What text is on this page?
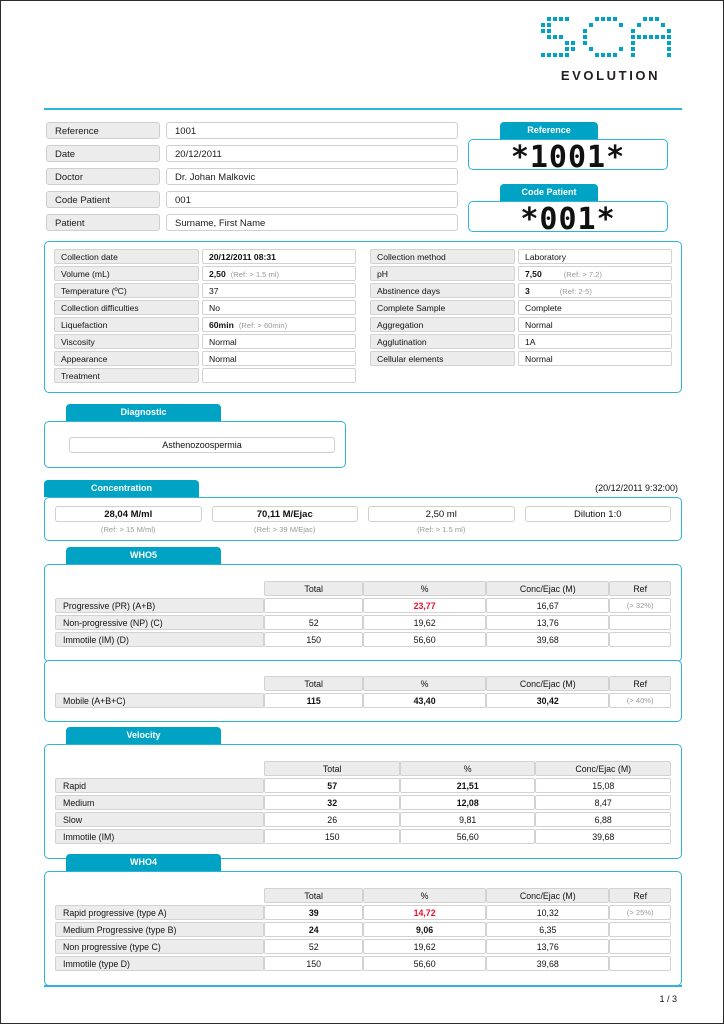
EVOLUTION
Reference	1001
Date	20/12/2011
Doctor	Dr. Johan Malkovic
Code Patient	001
Patient	Surname, First Name
Reference
*1001*
Code Patient
*001*
Collection date	20/12/2011 08:31
Volume (mL)	2,50 (Ref: > 1.5 ml)
Temperature (ºC)	37
Collection difficulties	No
Liquefaction	60min (Ref: > 60min)
Viscosity	Normal
Appearance	Normal
Treatment
Collection method	Laboratory
pH	7,50	(Ref: > 7.2)
Abstinence days	3	(Ref: 2-5)
Complete Sample	Complete
Aggregation	Normal
Agglutination	1A
Cellular elements	Normal
Diagnostic
Asthenozoospermia
Concentration	(20/12/2011 9:32:00)
28,04 M/ml
(Ref: > 15 M/ml)
70,11 M/Ejac
(Ref: > 39 M/Ejac)
2,50 ml
(Ref: > 1.5 ml)
Dilution 1:0
WHO5
	Total	%	Conc/Ejac (M)	Ref
Progressive (PR) (A+B)		23,77	16,67	(> 32%)
Non-progressive (NP) (C)	52	19,62	13,76	
Immotile (IM) (D)	150	56,60	39,68	
	Total	%	Conc/Ejac (M)	Ref
Mobile (A+B+C)	115	43,40	30,42	(> 40%)
Velocity
	Total	%	Conc/Ejac (M)
Rapid	57	21,51	15,08
Medium	32	12,08	8,47
Slow	26	9,81	6,88
Immotile (IM)	150	56,60	39,68
WHO4
	Total	%	Conc/Ejac (M)	Ref
Rapid progressive (type A)	39	14,72	10,32	(> 25%)
Medium Progressive (type B)	24	9,06	6,35	
Non progressive (type C)	52	19,62	13,76	
Immotile (type D)	150	56,60	39,68	
1 / 3
